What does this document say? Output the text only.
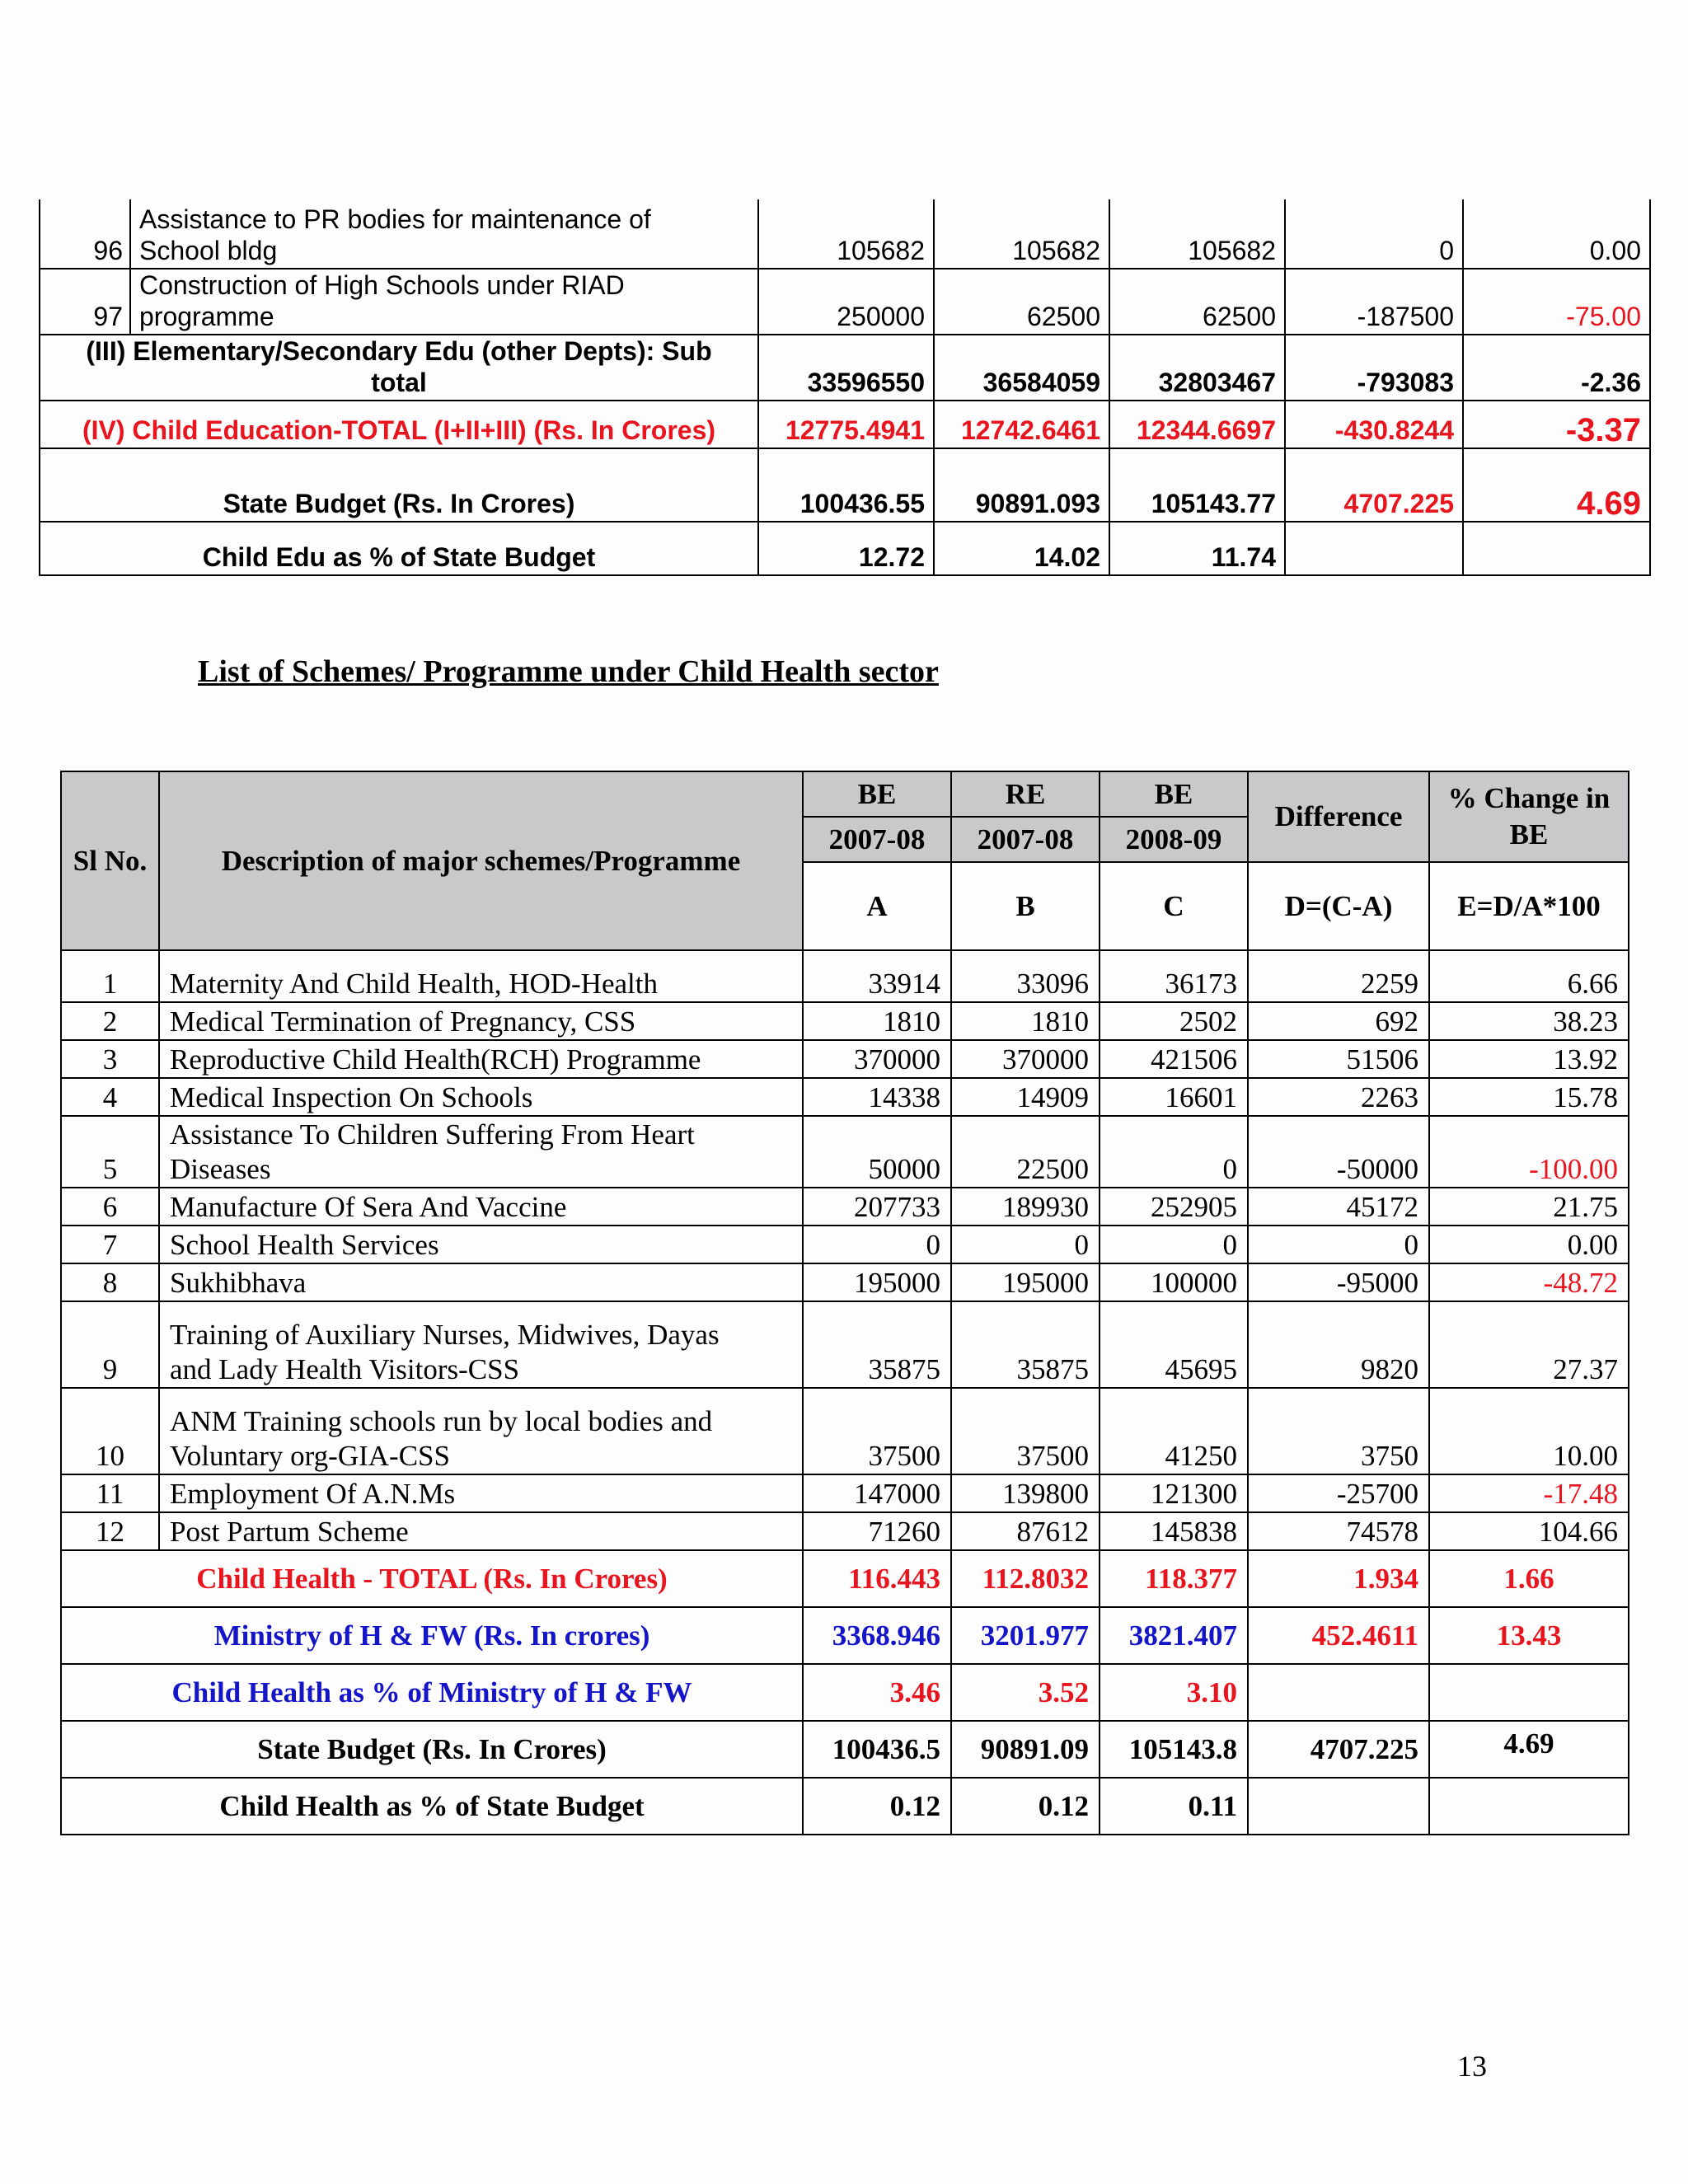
96	Assistance to PR bodies for maintenance of
School bldg	105682	105682	105682	0	0.00
97	Construction of High Schools under RIAD
programme	250000	62500	62500	-187500	-75.00
(III) Elementary/Secondary Edu (other Depts): Sub
total		33596550	36584059	32803467	-793083	-2.36
(IV) Child Education-TOTAL (I+II+III) (Rs. In Crores)		12775.4941	12742.6461	12344.6697	-430.8244	-3.37
State Budget (Rs. In Crores)		100436.55	90891.093	105143.77	4707.225	4.69
Child Edu as % of State Budget		12.72	14.02	11.74		
List of Schemes/ Programme under Child Health sector
Sl No.	Description of major schemes/Programme	BE	RE	BE	Difference	% Change in BE
		2007-08	2007-08	2008-09		
		A	B	C	D=(C-A)	E=D/A*100
1	Maternity And Child Health, HOD-Health	33914	33096	36173	2259	6.66
2	Medical Termination of Pregnancy, CSS	1810	1810	2502	692	38.23
3	Reproductive Child Health(RCH) Programme	370000	370000	421506	51506	13.92
4	Medical Inspection On Schools	14338	14909	16601	2263	15.78
5	Assistance To Children Suffering From Heart
Diseases	50000	22500	0	-50000	-100.00
6	Manufacture Of Sera And Vaccine	207733	189930	252905	45172	21.75
7	School Health Services	0	0	0	0	0.00
8	Sukhibhava	195000	195000	100000	-95000	-48.72
9	Training of Auxiliary Nurses, Midwives, Dayas
and Lady Health Visitors-CSS	35875	35875	45695	9820	27.37
10	ANM Training schools run by local bodies and
Voluntary org-GIA-CSS	37500	37500	41250	3750	10.00
11	Employment Of A.N.Ms	147000	139800	121300	-25700	-17.48
12	Post Partum Scheme	71260	87612	145838	74578	104.66
Child Health - TOTAL (Rs. In Crores)		116.443	112.8032	118.377	1.934	1.66
Ministry of H & FW (Rs. In crores)		3368.946	3201.977	3821.407	452.4611	13.43
Child Health as % of Ministry of H & FW		3.46	3.52	3.10		
State Budget (Rs. In Crores)		100436.5	90891.09	105143.8	4707.225	4.69
Child Health as % of State Budget		0.12	0.12	0.11		
13
